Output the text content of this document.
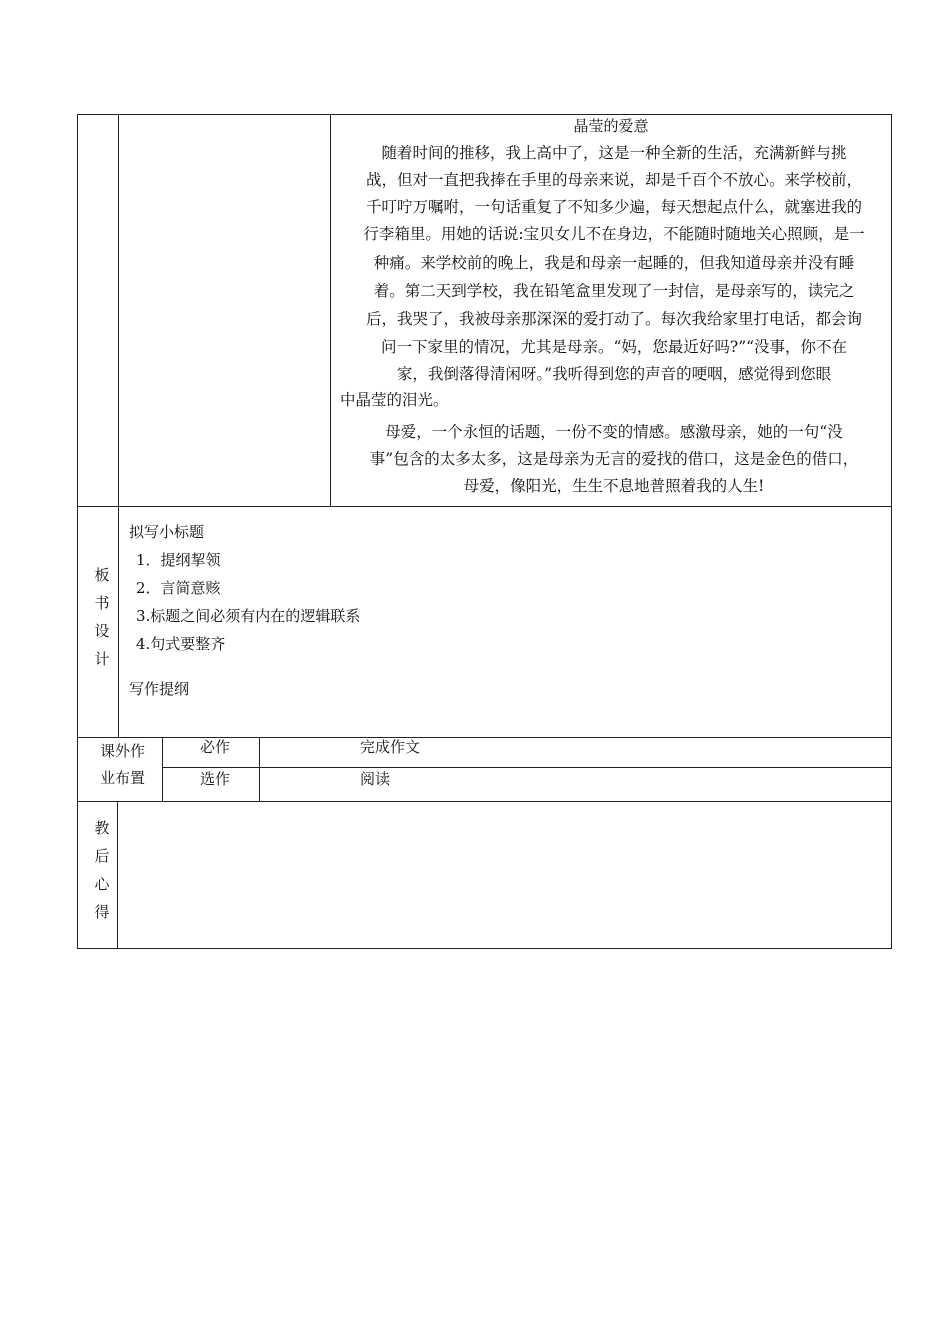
晶莹的爱意
随着时间的推移，我上高中了，这是一种全新的生活，充满新鲜与挑
战，但对一直把我捧在手里的母亲来说，却是千百个不放心。来学校前，
千叮咛万嘱咐，一句话重复了不知多少遍，每天想起点什么，就塞进我的
行李箱里。用她的话说:宝贝女儿不在身边，不能随时随地关心照顾，是一
种痛。来学校前的晚上，我是和母亲一起睡的，但我知道母亲并没有睡
着。第二天到学校，我在铅笔盒里发现了一封信，是母亲写的，读完之
后，我哭了，我被母亲那深深的爱打动了。每次我给家里打电话，都会询
问一下家里的情况，尤其是母亲。“妈，您最近好吗?”“没事，你不在
家，我倒落得清闲呀。”我听得到您的声音的哽咽，感觉得到您眼
中晶莹的泪光。
母爱，一个永恒的话题，一份不变的情感。感激母亲，她的一句“没
事”包含的太多太多，这是母亲为无言的爱找的借口，这是金色的借口，
母爱，像阳光，生生不息地普照着我的人生!
板
书
设
计
拟写小标题
1．提纲挈领
2．言简意赅
3.标题之间必须有内在的逻辑联系
4.句式要整齐
写作提纲
课外作
业布置
必作	完成作文
选作	阅读
教
后
心
得
